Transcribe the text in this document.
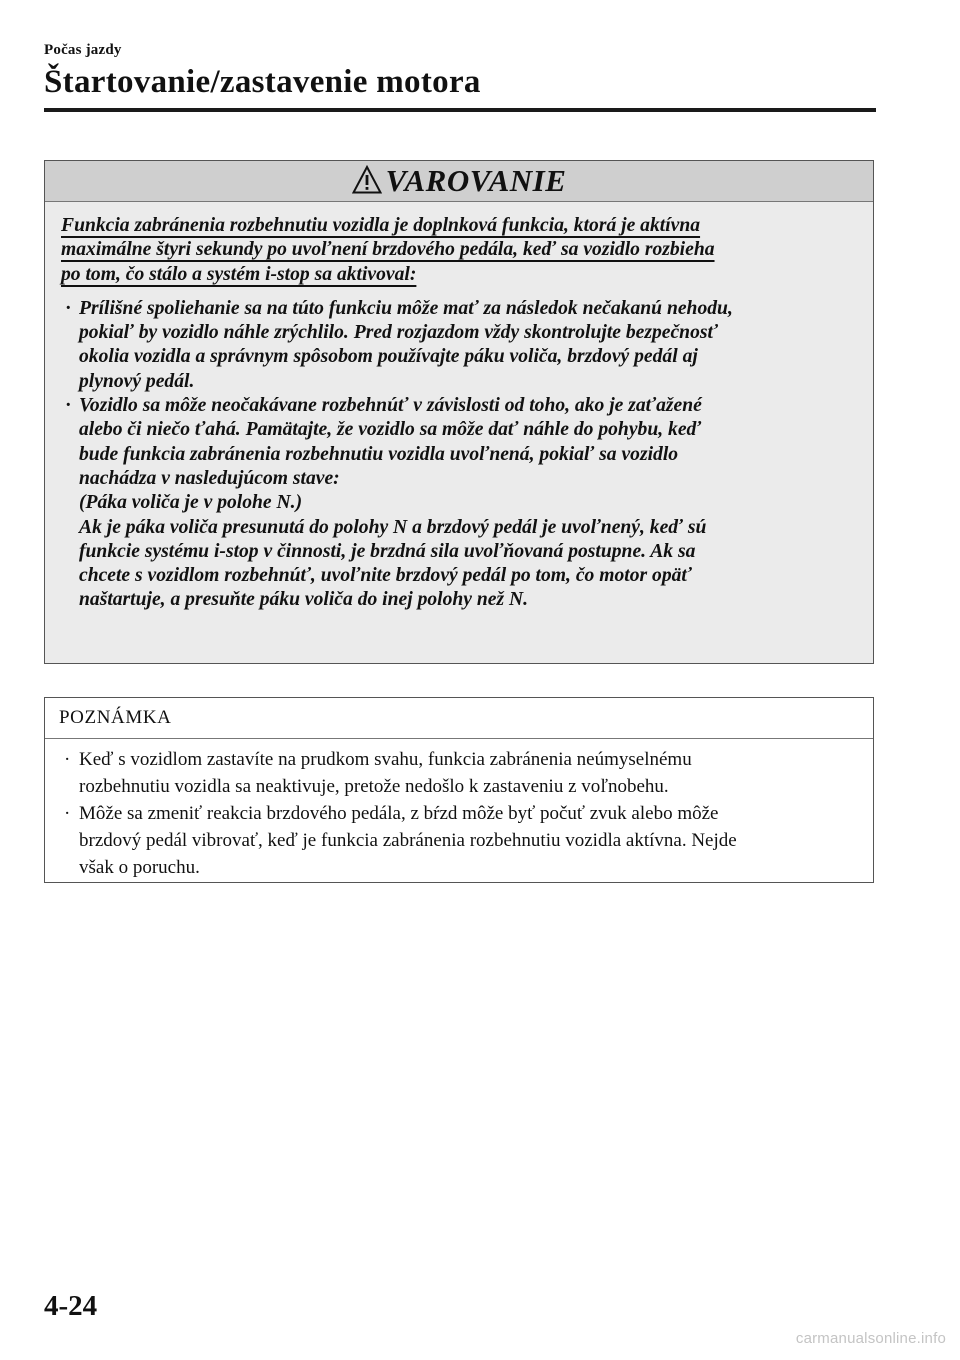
Počas jazdy
Štartovanie/zastavenie motora
VAROVANIE
Funkcia zabránenia rozbehnutiu vozidla je doplnková funkcia, ktorá je aktívna
maximálne štyri sekundy po uvoľnení brzdového pedála, keď sa vozidlo rozbieha
po tom, čo stálo a systém i-stop sa aktivoval:
· Prílišné spoliehanie sa na túto funkciu môže mať za následok nečakanú nehodu,
pokiaľ by vozidlo náhle zrýchlilo. Pred rozjazdom vždy skontrolujte bezpečnosť
okolia vozidla a správnym spôsobom používajte páku voliča, brzdový pedál aj
plynový pedál.
· Vozidlo sa môže neočakávane rozbehnúť v závislosti od toho, ako je zaťažené
alebo či niečo ťahá. Pamätajte, že vozidlo sa môže dať náhle do pohybu, keď
bude funkcia zabránenia rozbehnutiu vozidla uvoľnená, pokiaľ sa vozidlo
nachádza v nasledujúcom stave:
(Páka voliča je v polohe N.)
Ak je páka voliča presunutá do polohy N a brzdový pedál je uvoľnený, keď sú
funkcie systému i-stop v činnosti, je brzdná sila uvoľňovaná postupne. Ak sa
chcete s vozidlom rozbehnúť, uvoľnite brzdový pedál po tom, čo motor opäť
naštartuje, a presuňte páku voliča do inej polohy než N.
POZNÁMKA
· Keď s vozidlom zastavíte na prudkom svahu, funkcia zabránenia neúmyselnému
rozbehnutiu vozidla sa neaktivuje, pretože nedošlo k zastaveniu z voľnobehu.
· Môže sa zmeniť reakcia brzdového pedála, z bŕzd môže byť počuť zvuk alebo môže
brzdový pedál vibrovať, keď je funkcia zabránenia rozbehnutiu vozidla aktívna. Nejde
však o poruchu.
4-24
carmanualsonline.info
